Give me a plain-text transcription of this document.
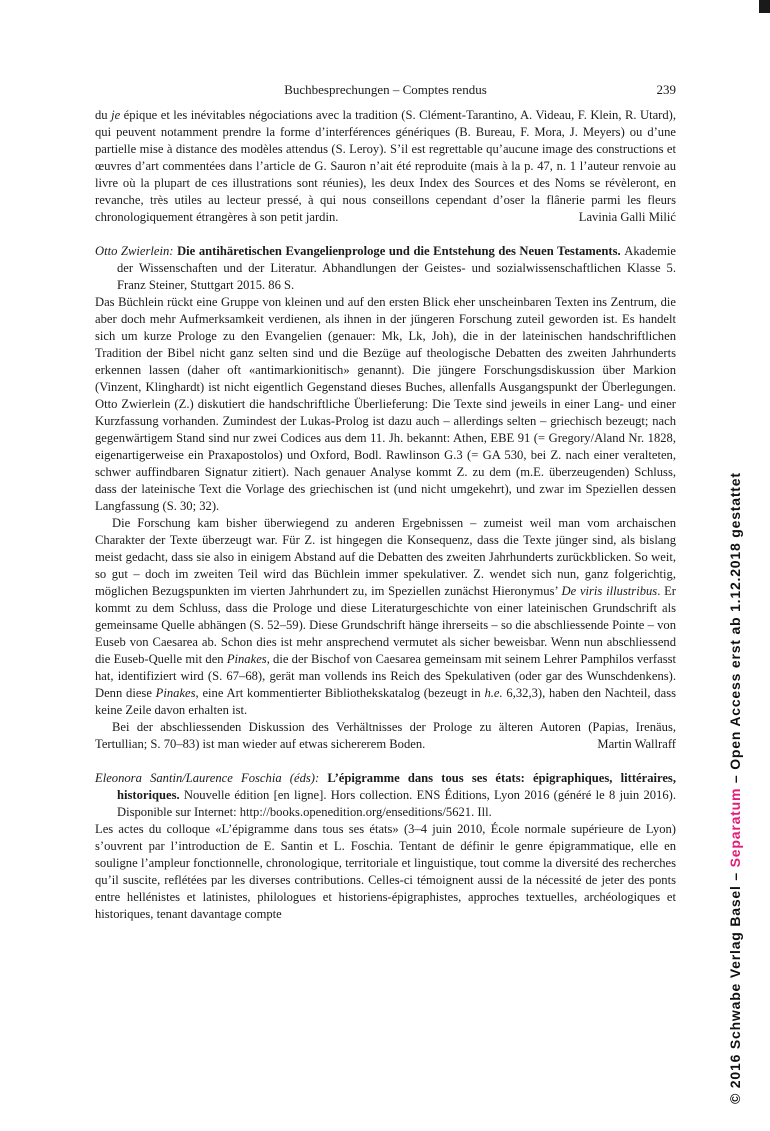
Buchbesprechungen – Comptes rendus	239

du je épique et les inévitables négociations avec la tradition (S. Clément-Tarantino, A. Videau, F. Klein, R. Utard), qui peuvent notamment prendre la forme d’interférences génériques (B. Bureau, F. Mora, J. Meyers) ou d’une partielle mise à distance des modèles attendus (S. Leroy). S’il est regrettable qu’aucune image des constructions et œuvres d’art commentées dans l’article de G. Sauron n’ait été reproduite (mais à la p. 47, n. 1 l’auteur renvoie au livre où la plupart de ces illustrations sont réunies), les deux Index des Sources et des Noms se révèleront, en revanche, très utiles au lecteur pressé, à qui nous conseillons cependant d’oser la flânerie parmi les fleurs chronologiquement étrangères à son petit jardin.	Lavinia Galli Milić

Otto Zwierlein: Die antihäretischen Evangelienprologe und die Entstehung des Neuen Testaments. Akademie der Wissenschaften und der Literatur. Abhandlungen der Geistes- und sozialwissenschaftlichen Klasse 5. Franz Steiner, Stuttgart 2015. 86 S.

Das Büchlein rückt eine Gruppe von kleinen und auf den ersten Blick eher unscheinbaren Texten ins Zentrum, die aber doch mehr Aufmerksamkeit verdienen, als ihnen in der jüngeren Forschung zuteil geworden ist. Es handelt sich um kurze Prologe zu den Evangelien (genauer: Mk, Lk, Joh), die in der lateinischen handschriftlichen Tradition der Bibel nicht ganz selten sind und die Bezüge auf theologische Debatten des zweiten Jahrhunderts erkennen lassen (daher oft «antimarkionitisch» genannt). Die jüngere Forschungsdiskussion über Markion (Vinzent, Klinghardt) ist nicht eigentlich Gegenstand dieses Buches, allenfalls Ausgangspunkt der Überlegungen. Otto Zwierlein (Z.) diskutiert die handschriftliche Überlieferung: Die Texte sind jeweils in einer Lang- und einer Kurzfassung vorhanden. Zumindest der Lukas-Prolog ist dazu auch – allerdings selten – griechisch bezeugt; nach gegenwärtigem Stand sind nur zwei Codices aus dem 11. Jh. bekannt: Athen, EBE 91 (= Gregory/Aland Nr. 1828, eigenartigerweise ein Praxapostolos) und Oxford, Bodl. Rawlinson G.3 (= GA 530, bei Z. nach einer veralteten, schwer auffindbaren Signatur zitiert). Nach genauer Analyse kommt Z. zu dem (m.E. überzeugenden) Schluss, dass der lateinische Text die Vorlage des griechischen ist (und nicht umgekehrt), und zwar im Speziellen dessen Langfassung (S. 30; 32).

Die Forschung kam bisher überwiegend zu anderen Ergebnissen – zumeist weil man vom archaischen Charakter der Texte überzeugt war. Für Z. ist hingegen die Konsequenz, dass die Texte jünger sind, als bislang meist gedacht, dass sie also in einigem Abstand auf die Debatten des zweiten Jahrhunderts zurückblicken. So weit, so gut – doch im zweiten Teil wird das Büchlein immer spekulativer. Z. wendet sich nun, ganz folgerichtig, möglichen Bezugspunkten im vierten Jahrhundert zu, im Speziellen zunächst Hieronymus’ De viris illustribus. Er kommt zu dem Schluss, dass die Prologe und diese Literaturgeschichte von einer lateinischen Grundschrift als gemeinsame Quelle abhängen (S. 52–59). Diese Grundschrift hänge ihrerseits – so die abschliessende Pointe – von Euseb von Caesarea ab. Schon dies ist mehr ansprechend vermutet als sicher beweisbar. Wenn nun abschliessend die Euseb-Quelle mit den Pinakes, die der Bischof von Caesarea gemeinsam mit seinem Lehrer Pamphilos verfasst hat, identifiziert wird (S. 67–68), gerät man vollends ins Reich des Spekulativen (oder gar des Wunschdenkens). Denn diese Pinakes, eine Art kommentierter Bibliothekskatalog (bezeugt in h.e. 6,32,3), haben den Nachteil, dass keine Zeile davon erhalten ist.

Bei der abschliessenden Diskussion des Verhältnisses der Prologe zu älteren Autoren (Papias, Irenäus, Tertullian; S. 70–83) ist man wieder auf etwas sichererem Boden.	Martin Wallraff

Eleonora Santin/Laurence Foschia (éds): L’épigramme dans tous ses états: épigraphiques, littéraires, historiques. Nouvelle édition [en ligne]. Hors collection. ENS Éditions, Lyon 2016 (généré le 8 juin 2016). Disponible sur Internet: http://books.openedition.org/enseditions/5621. Ill.

Les actes du colloque «L’épigramme dans tous ses états» (3–4 juin 2010, École normale supérieure de Lyon) s’ouvrent par l’introduction de E. Santin et L. Foschia. Tentant de définir le genre épigrammatique, elle en souligne l’ampleur fonctionnelle, chronologique, territoriale et linguistique, tout comme la diversité des recherches qu’il suscite, reflétées par les diverses contributions. Celles-ci témoignent aussi de la nécessité de jeter des ponts entre hellénistes et latinistes, philologues et historiens-épigraphistes, approches textuelles, archéologiques et historiques, tenant davantage compte	© 2016 Schwabe Verlag Basel – Separatum – Open Access erst ab 1.12.2018 gestattet
